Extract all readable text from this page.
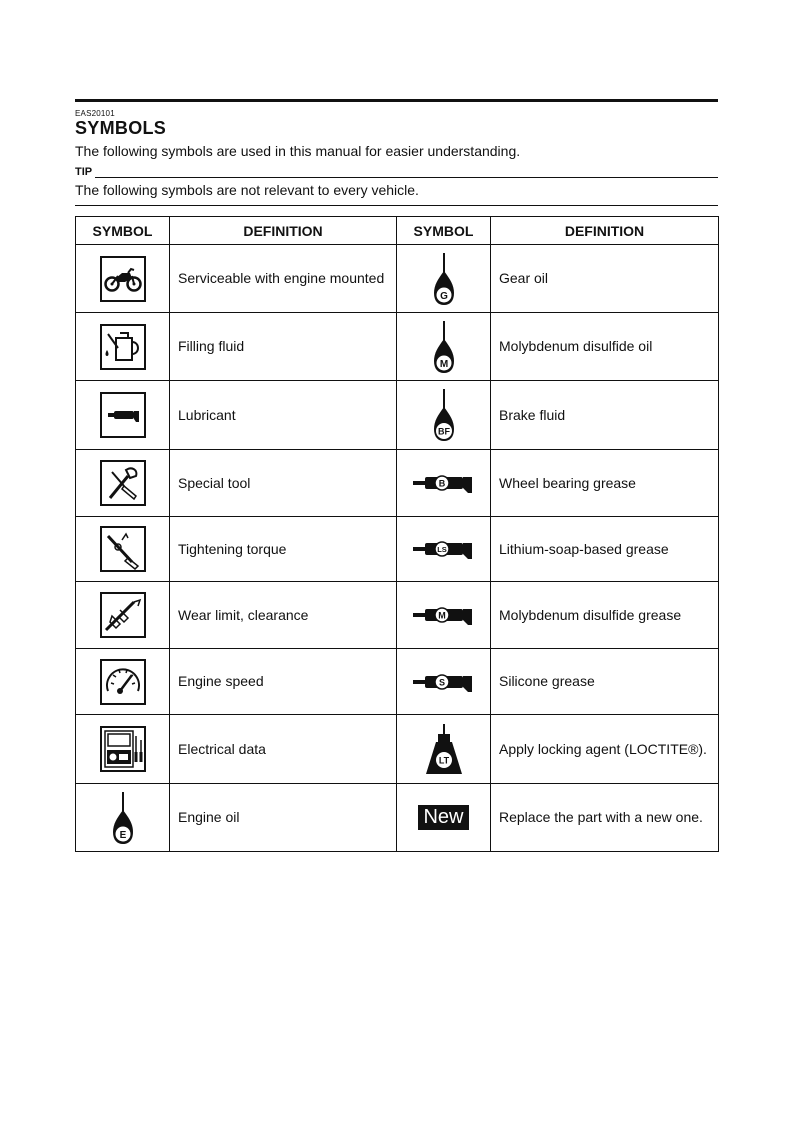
EAS20101
SYMBOLS
The following symbols are used in this manual for easier understanding.
TIP
The following symbols are not relevant to every vehicle.
SYMBOL	DEFINITION	SYMBOL	DEFINITION

	Serviceable with engine mounted	G	Gear oil

	Filling fluid	M	Molybdenum disulfide oil

	Lubricant	BF	Brake fluid

	Special tool	B	Wheel bearing grease

	Tightening torque	LS	Lithium-soap-based grease

	Wear limit, clearance	M	Molybdenum disulfide grease

	Engine speed	S	Silicone grease

	Electrical data	LT	Apply locking agent (LOCTITE®).

E	Engine oil	New	Replace the part with a new one.
